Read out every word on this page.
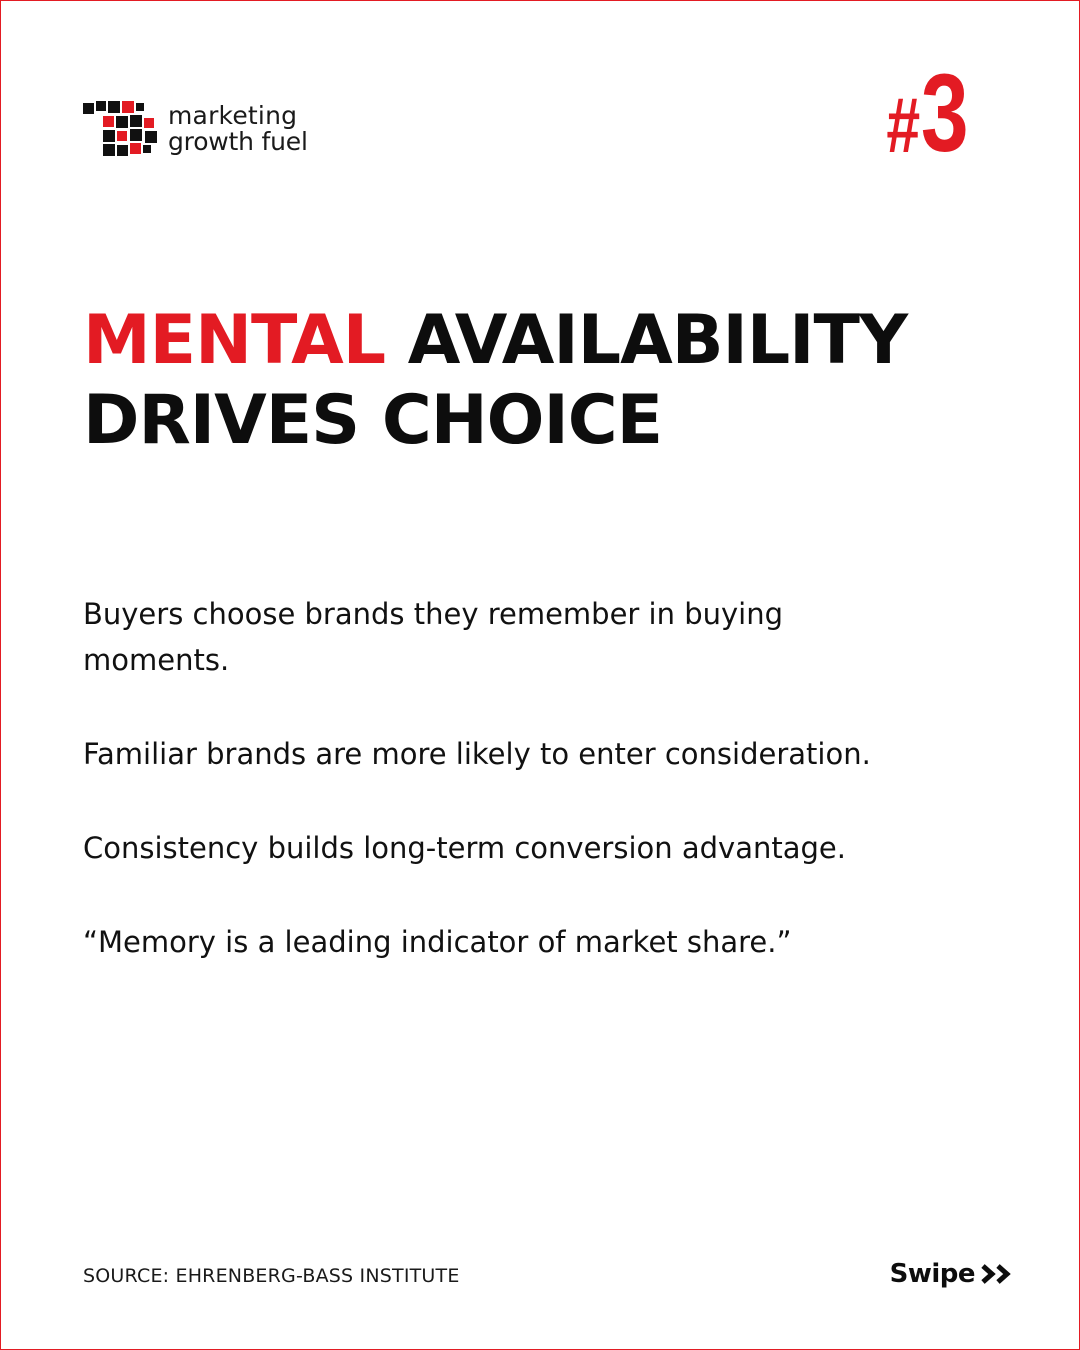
marketing
growth fuel	# 3
MENTAL AVAILABILITY
DRIVES CHOICE

Buyers choose brands they remember in buying moments.

Familiar brands are more likely to enter consideration.

Consistency builds long-term conversion advantage.

“Memory is a leading indicator of market share.”

SOURCE: EHRENBERG-BASS INSTITUTE	Swipe
